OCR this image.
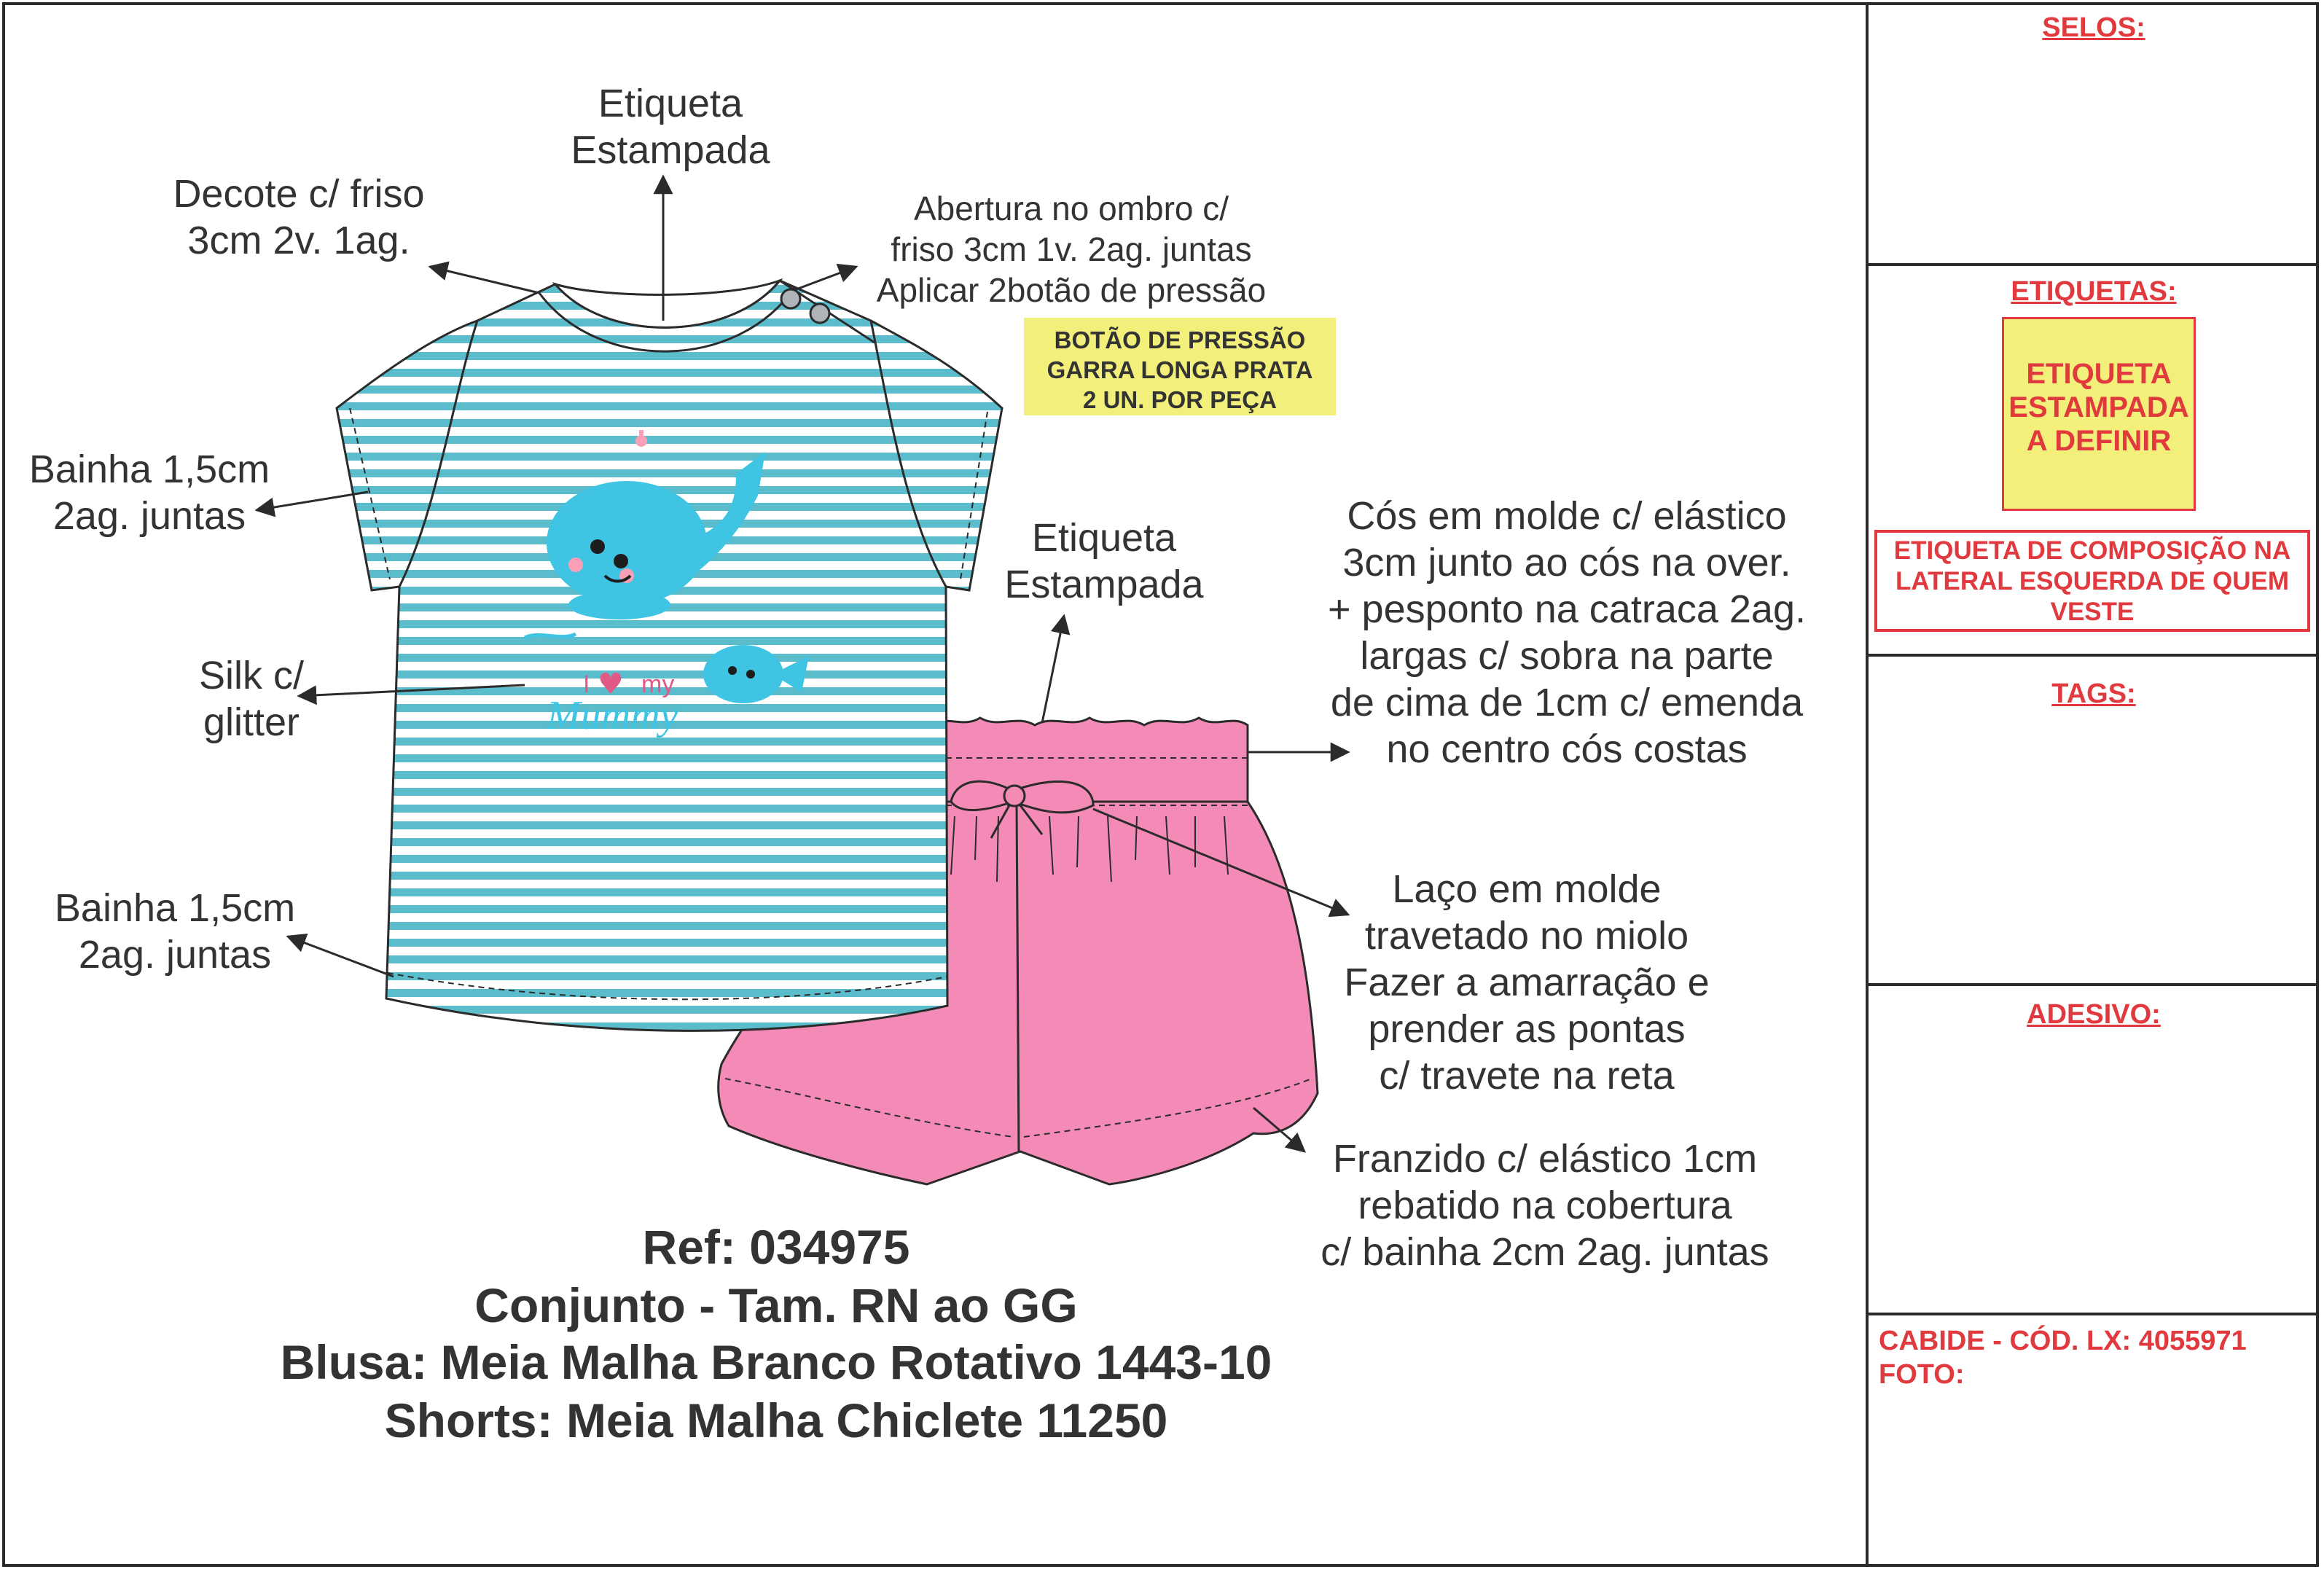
I ♥ my
Mummy
Etiqueta
Estampada
Decote c/ friso
3cm 2v. 1ag.
Abertura no ombro c/
friso 3cm 1v. 2ag. juntas
Aplicar 2botão de pressão
BOTÃO DE PRESSÃO
GARRA LONGA PRATA
2 UN. POR PEÇA
Bainha 1,5cm
2ag. juntas
Silk c/
glitter
Bainha 1,5cm
2ag. juntas
Etiqueta
Estampada
Cós em molde c/ elástico
3cm junto ao cós na over.
+ pesponto na catraca 2ag.
largas c/ sobra na parte
de cima de 1cm c/ emenda
no centro cós costas
Laço em molde
travetado no miolo
Fazer a amarração e
prender as pontas
c/ travete na reta
Franzido c/ elástico 1cm
rebatido na cobertura
c/ bainha 2cm 2ag. juntas
Ref: 034975
Conjunto - Tam. RN ao GG
Blusa: Meia Malha Branco Rotativo 1443-10
Shorts: Meia Malha Chiclete 11250
SELOS:
ETIQUETAS:
ETIQUETA
ESTAMPADA
A DEFINIR
ETIQUETA DE COMPOSIÇÃO NA
LATERAL ESQUERDA DE QUEM
VESTE
TAGS:
ADESIVO:
CABIDE - CÓD. LX: 4055971
FOTO:
